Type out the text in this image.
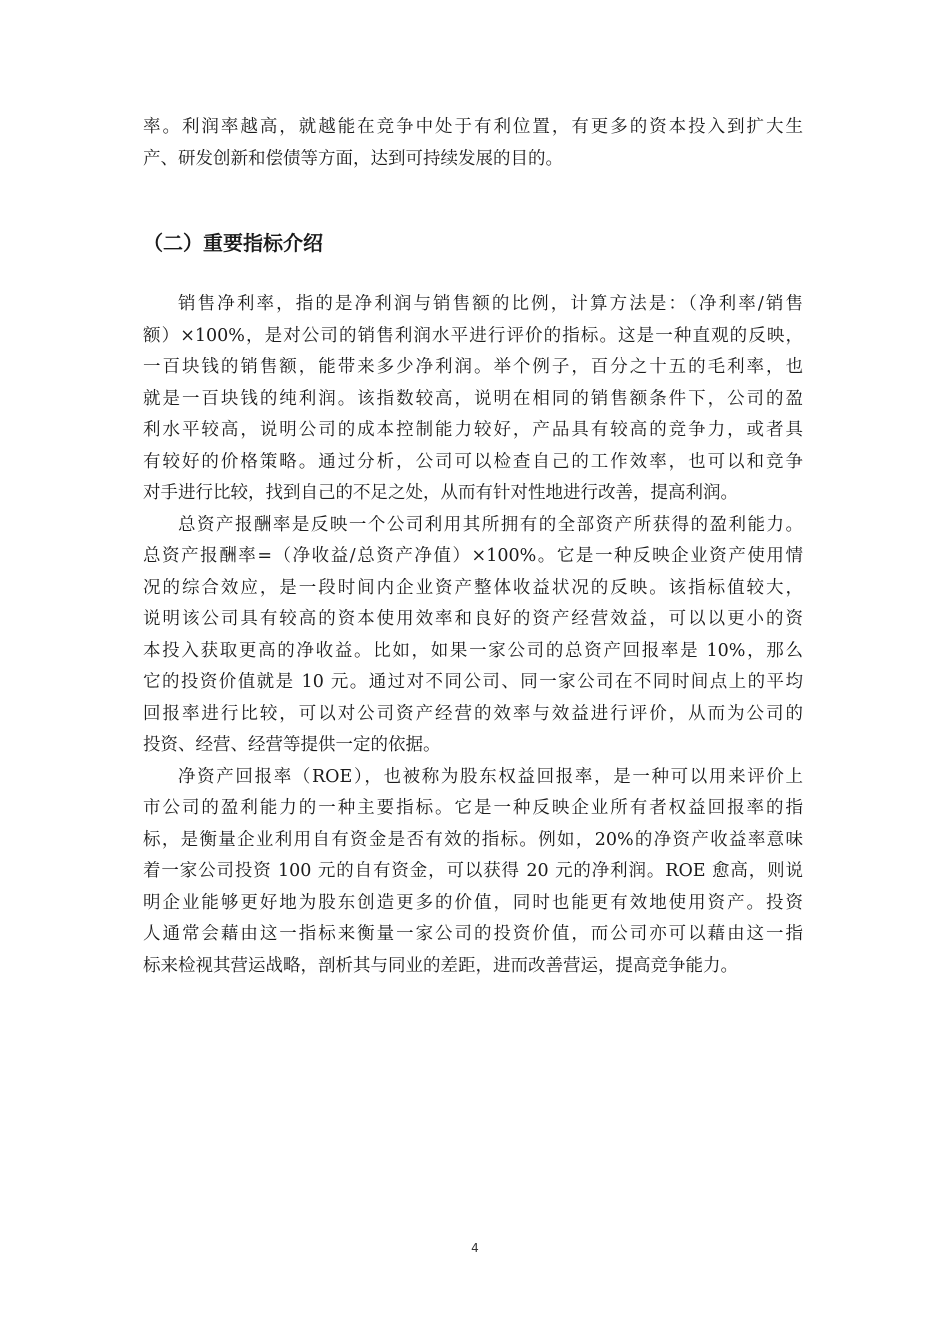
率。利润率越高，就越能在竞争中处于有利位置，有更多的资本投入到扩大生

产、研发创新和偿债等方面，达到可持续发展的目的。

（二）重要指标介绍

销售净利率，指的是净利润与销售额的比例，计算方法是：（净利率/销售

额）×100%，是对公司的销售利润水平进行评价的指标。这是一种直观的反映，

一百块钱的销售额，能带来多少净利润。举个例子，百分之十五的毛利率，也

就是一百块钱的纯利润。该指数较高，说明在相同的销售额条件下，公司的盈

利水平较高，说明公司的成本控制能力较好，产品具有较高的竞争力，或者具

有较好的价格策略。通过分析，公司可以检查自己的工作效率，也可以和竞争

对手进行比较，找到自己的不足之处，从而有针对性地进行改善，提高利润。

总资产报酬率是反映一个公司利用其所拥有的全部资产所获得的盈利能力。

总资产报酬率=（净收益/总资产净值）×100%。它是一种反映企业资产使用情

况的综合效应，是一段时间内企业资产整体收益状况的反映。该指标值较大，

说明该公司具有较高的资本使用效率和良好的资产经营效益，可以以更小的资

本投入获取更高的净收益。比如，如果一家公司的总资产回报率是 10%，那么

它的投资价值就是 10 元。通过对不同公司、同一家公司在不同时间点上的平均

回报率进行比较，可以对公司资产经营的效率与效益进行评价，从而为公司的

投资、经营、经营等提供一定的依据。

净资产回报率（ROE），也被称为股东权益回报率，是一种可以用来评价上

市公司的盈利能力的一种主要指标。它是一种反映企业所有者权益回报率的指

标，是衡量企业利用自有资金是否有效的指标。例如，20%的净资产收益率意味

着一家公司投资 100 元的自有资金，可以获得 20 元的净利润。ROE 愈高，则说

明企业能够更好地为股东创造更多的价值，同时也能更有效地使用资产。投资

人通常会藉由这一指标来衡量一家公司的投资价值，而公司亦可以藉由这一指

标来检视其营运战略，剖析其与同业的差距，进而改善营运，提高竞争能力。

4
